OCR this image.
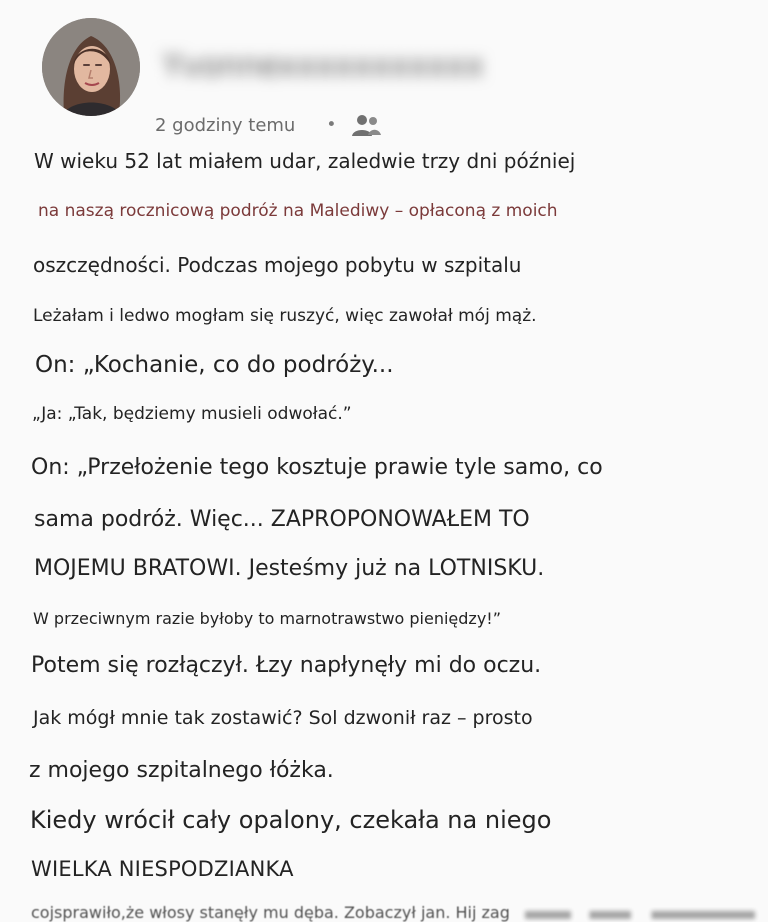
Yvonnexxxxxxxxxxx
2 godziny temu •
W wieku 52 lat miałem udar, zaledwie trzy dni później
na naszą rocznicową podróż na Malediwy – opłaconą z moich
oszczędności. Podczas mojego pobytu w szpitalu
Leżałam i ledwo mogłam się ruszyć, więc zawołał mój mąż.
On: „Kochanie, co do podróży...
„Ja: „Tak, będziemy musieli odwołać.”
On: „Przełożenie tego kosztuje prawie tyle samo, co
sama podróż. Więc... ZAPROPONOWAŁEM TO
MOJEMU BRATOWI. Jesteśmy już na LOTNISKU.
W przeciwnym razie byłoby to marnotrawstwo pieniędzy!”
Potem się rozłączył. Łzy napłynęły mi do oczu.
Jak mógł mnie tak zostawić? Sol dzwonił raz – prosto
z mojego szpitalnego łóżka.
Kiedy wrócił cały opalony, czekała na niego
WIELKA NIESPODZIANKA
cojsprawiło,że włosy stanęły mu dęba. Zobaczył jan. Hij zag
